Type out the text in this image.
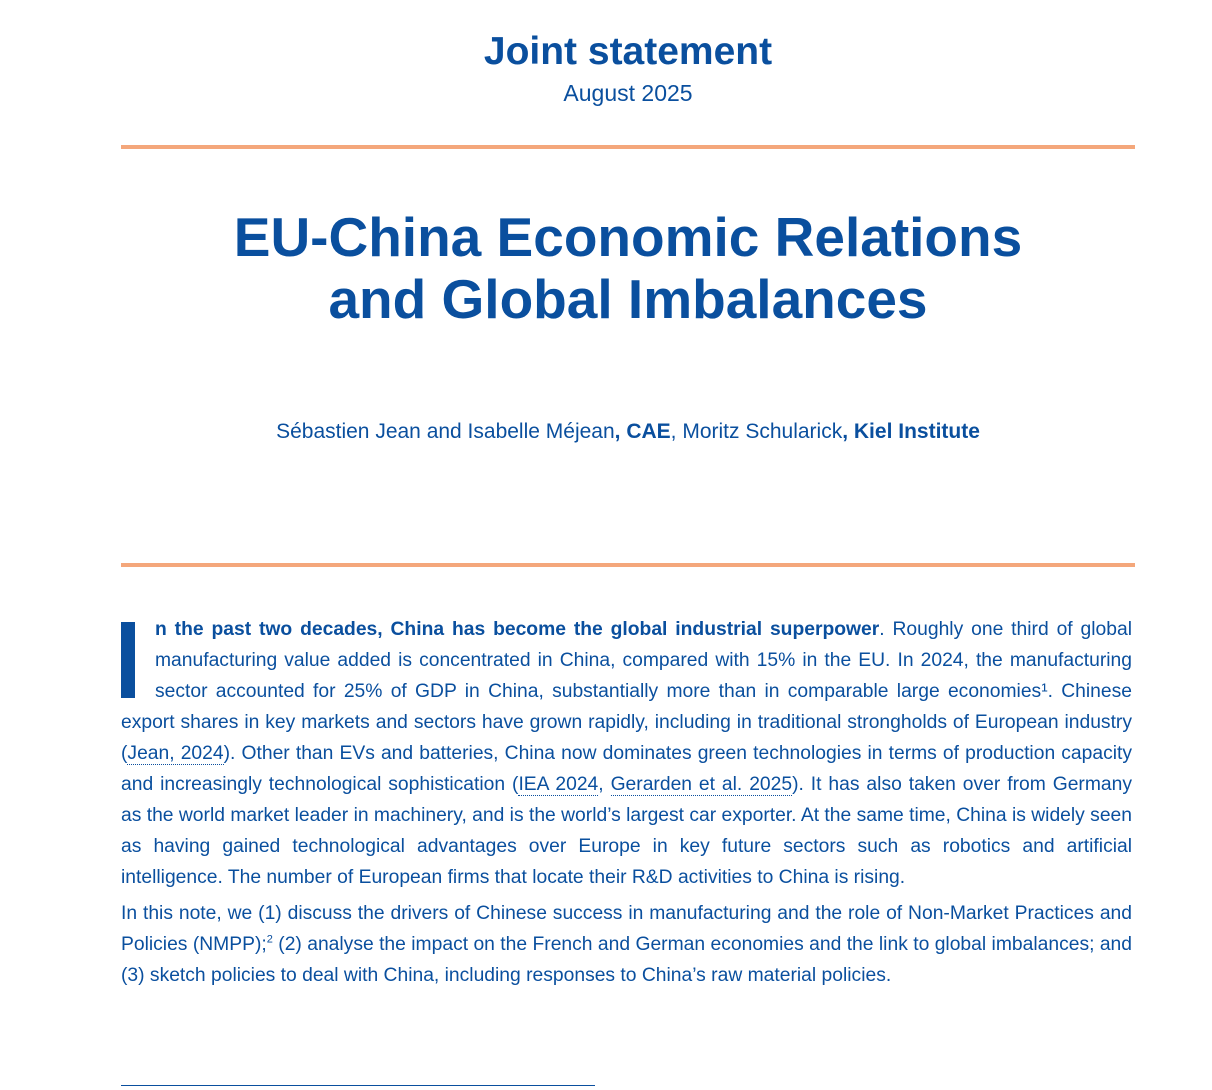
Joint statement
August 2025
EU-China Economic Relations
and Global Imbalances
Sébastien Jean and Isabelle Méjean, CAE, Moritz Schularick, Kiel Institute

n the past two decades, China has become the global industrial superpower. Roughly one third of global manufacturing value added is concentrated in China, compared with 15% in the EU. In 2024, the manufacturing sector accounted for 25% of GDP in China, substantially more than in comparable large economies¹. Chinese export shares in key markets and sectors have grown rapidly, including in traditional strongholds of European industry (Jean, 2024). Other than EVs and batteries, China now dominates green technologies in terms of production capacity and increasingly technological sophistication (IEA 2024, Gerarden et al. 2025). It has also taken over from Germany as the world market leader in machinery, and is the world’s largest car exporter. At the same time, China is widely seen as having gained technological advantages over Europe in key future sectors such as robotics and artificial intelligence. The number of European firms that locate their R&D activities to China is rising.

In this note, we (1) discuss the drivers of Chinese success in manufacturing and the role of Non-Market Practices and Policies (NMPP);$^2$ (2) analyse the impact on the French and German economies and the link to global imbalances; and (3) sketch policies to deal with China, including responses to China’s raw material policies.
